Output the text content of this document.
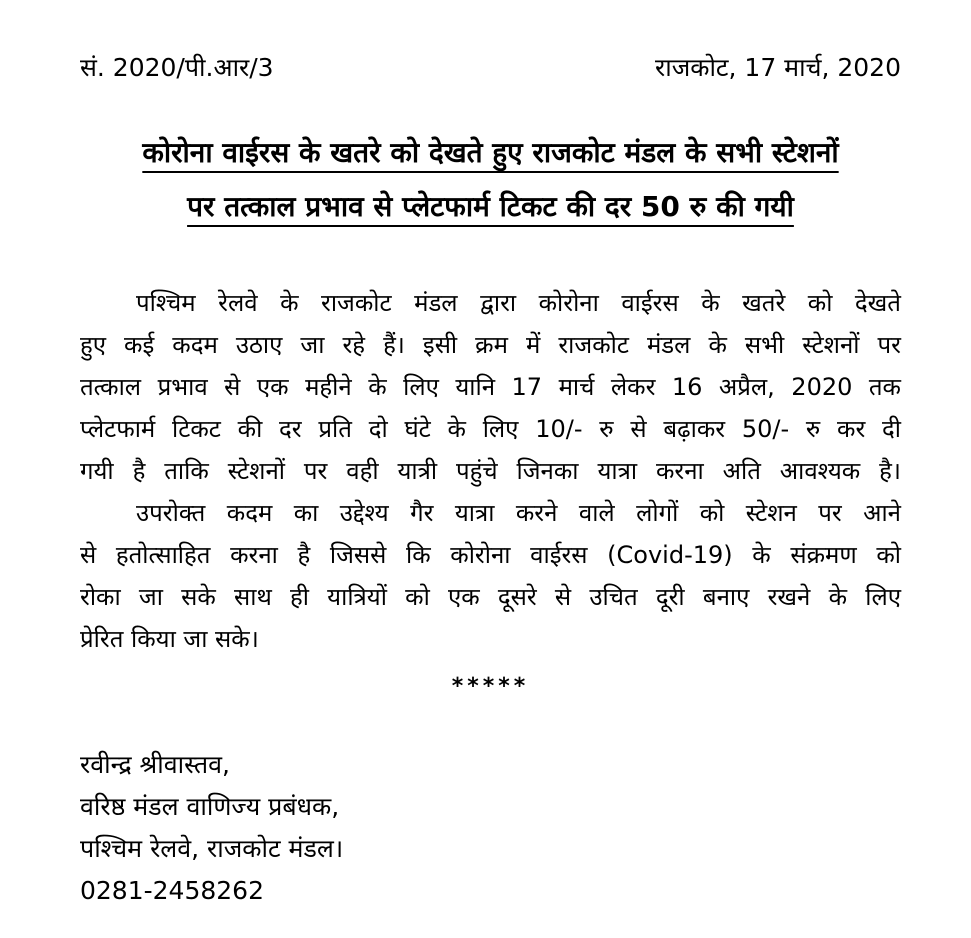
सं. 2020/पी.आर/3	राजकोट, 17 मार्च, 2020
कोरोना वाईरस के खतरे को देखते हुए राजकोट मंडल के सभी स्टेशनों पर तत्काल प्रभाव से प्लेटफार्म टिकट की दर 50 रु की गयी

पश्चिम रेलवे के राजकोट मंडल द्वारा कोरोना वाईरस के खतरे को देखते
हुए कई कदम उठाए जा रहे हैं। इसी क्रम में राजकोट मंडल के सभी स्टेशनों पर
तत्काल प्रभाव से एक महीने के लिए यानि 17 मार्च लेकर 16 अप्रैल, 2020 तक
प्लेटफार्म टिकट की दर प्रति दो घंटे के लिए 10/- रु से बढ़ाकर 50/- रु कर दी
गयी है ताकि स्टेशनों पर वही यात्री पहुंचे जिनका यात्रा करना अति आवश्यक है।

उपरोक्त कदम का उद्देश्य गैर यात्रा करने वाले लोगों को स्टेशन पर आने
से हतोत्साहित करना है जिससे कि कोरोना वाईरस (Covid-19) के संक्रमण को
रोका जा सके साथ ही यात्रियों को एक दूसरे से उचित दूरी बनाए रखने के लिए
प्रेरित किया जा सके।

*****
रवीन्द्र श्रीवास्तव,
वरिष्ठ मंडल वाणिज्य प्रबंधक,
पश्चिम रेलवे, राजकोट मंडल।
0281-2458262
